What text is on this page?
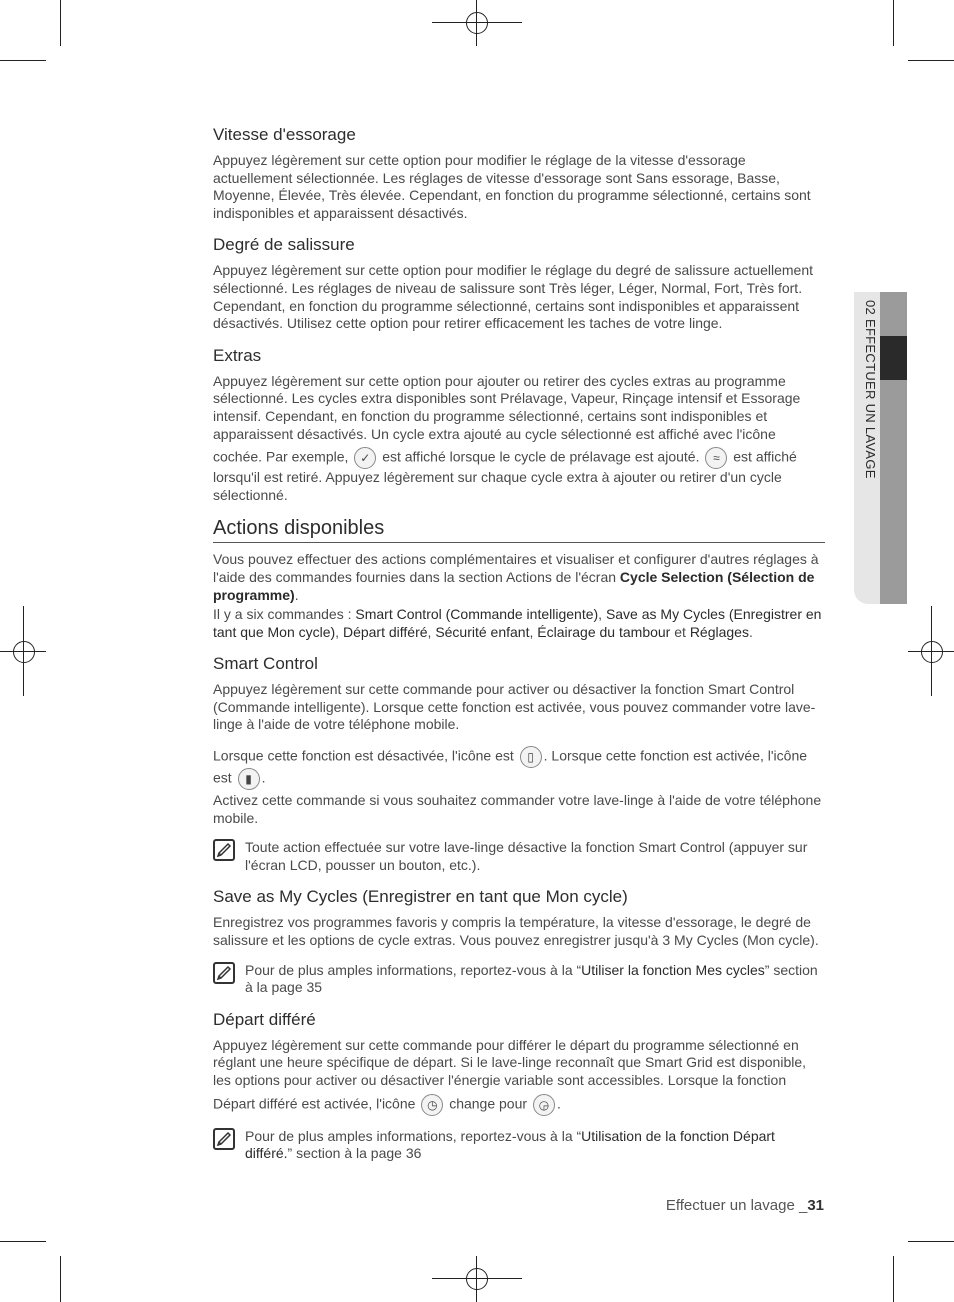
02 EFFECTUER UN LAVAGE
Vitesse d'essorage
Appuyez légèrement sur cette option pour modifier le réglage de la vitesse d'essorage actuellement sélectionnée. Les réglages de vitesse d'essorage sont Sans essorage, Basse, Moyenne, Élevée, Très élevée. Cependant, en fonction du programme sélectionné, certains sont indisponibles et apparaissent désactivés.
Degré de salissure
Appuyez légèrement sur cette option pour modifier le réglage du degré de salissure actuellement sélectionné. Les réglages de niveau de salissure sont Très léger, Léger, Normal, Fort, Très fort. Cependant, en fonction du programme sélectionné, certains sont indisponibles et apparaissent désactivés. Utilisez cette option pour retirer efficacement les taches de votre linge.
Extras
Appuyez légèrement sur cette option pour ajouter ou retirer des cycles extras au programme sélectionné. Les cycles extra disponibles sont Prélavage, Vapeur, Rinçage intensif et Essorage intensif. Cependant, en fonction du programme sélectionné, certains sont indisponibles et apparaissent désactivés. Un cycle extra ajouté au cycle sélectionné est affiché avec l'icône
cochée. Par exemple, ✓ est affiché lorsque le cycle de prélavage est ajouté. ≈ est affiché lorsqu'il est retiré. Appuyez légèrement sur chaque cycle extra à ajouter ou retirer d'un cycle sélectionné.
Actions disponibles
Vous pouvez effectuer des actions complémentaires et visualiser et configurer d'autres réglages à l'aide des commandes fournies dans la section Actions de l'écran Cycle Selection (Sélection de programme).
Il y a six commandes : Smart Control (Commande intelligente), Save as My Cycles (Enregistrer en tant que Mon cycle), Départ différé, Sécurité enfant, Éclairage du tambour et Réglages.
Smart Control
Appuyez légèrement sur cette commande pour activer ou désactiver la fonction Smart Control (Commande intelligente). Lorsque cette fonction est activée, vous pouvez commander votre lave-linge à l'aide de votre téléphone mobile.
Lorsque cette fonction est désactivée, l'icône est ▯ . Lorsque cette fonction est activée, l'icône est ▮ .
Activez cette commande si vous souhaitez commander votre lave-linge à l'aide de votre téléphone mobile.
Toute action effectuée sur votre lave-linge désactive la fonction Smart Control (appuyer sur l'écran LCD, pousser un bouton, etc.).
Save as My Cycles (Enregistrer en tant que Mon cycle)
Enregistrez vos programmes favoris y compris la température, la vitesse d'essorage, le degré de salissure et les options de cycle extras. Vous pouvez enregistrer jusqu'à 3 My Cycles (Mon cycle).
Pour de plus amples informations, reportez-vous à la “Utiliser la fonction Mes cycles” section à la page 35
Départ différé
Appuyez légèrement sur cette commande pour différer le départ du programme sélectionné en réglant une heure spécifique de départ. Si le lave-linge reconnaît que Smart Grid est disponible, les options pour activer ou désactiver l'énergie variable sont accessibles. Lorsque la fonction
Départ différé est activée, l'icône ◷ change pour ◶ .
Pour de plus amples informations, reportez-vous à la “Utilisation de la fonction Départ différé.” section à la page 36
Effectuer un lavage _31
